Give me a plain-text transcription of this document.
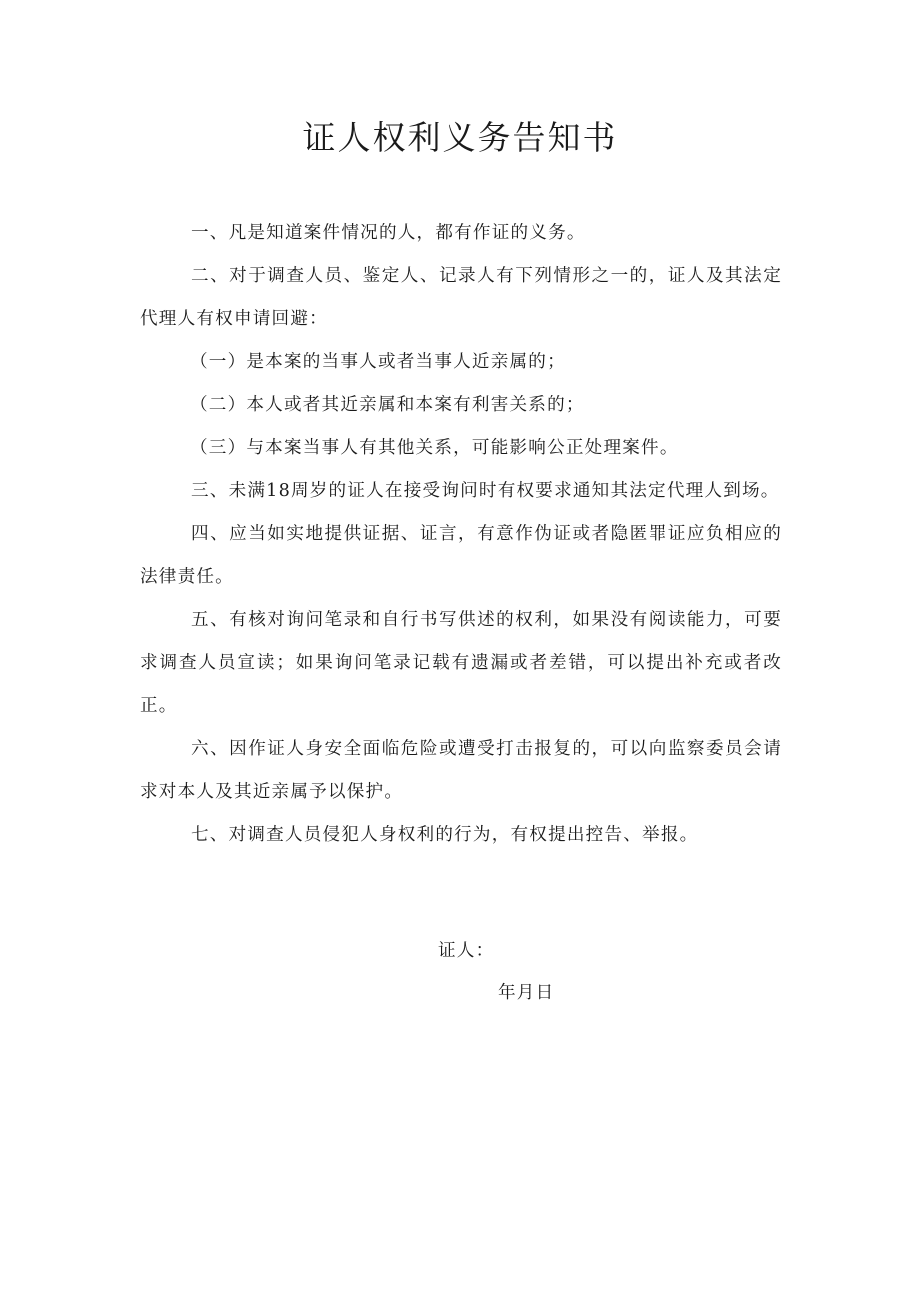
证人权利义务告知书

一、凡是知道案件情况的人，都有作证的义务。

二、对于调查人员、鉴定人、记录人有下列情形之一的，证人及其法定代理人有权申请回避：

（一）是本案的当事人或者当事人近亲属的；

（二）本人或者其近亲属和本案有利害关系的；

（三）与本案当事人有其他关系，可能影响公正处理案件。

三、未满18周岁的证人在接受询问时有权要求通知其法定代理人到场。

四、应当如实地提供证据、证言，有意作伪证或者隐匿罪证应负相应的法律责任。

五、有核对询问笔录和自行书写供述的权利，如果没有阅读能力，可要求调查人员宣读；如果询问笔录记载有遗漏或者差错，可以提出补充或者改正。

六、因作证人身安全面临危险或遭受打击报复的，可以向监察委员会请求对本人及其近亲属予以保护。

七、对调查人员侵犯人身权利的行为，有权提出控告、举报。

证人：
年月日
